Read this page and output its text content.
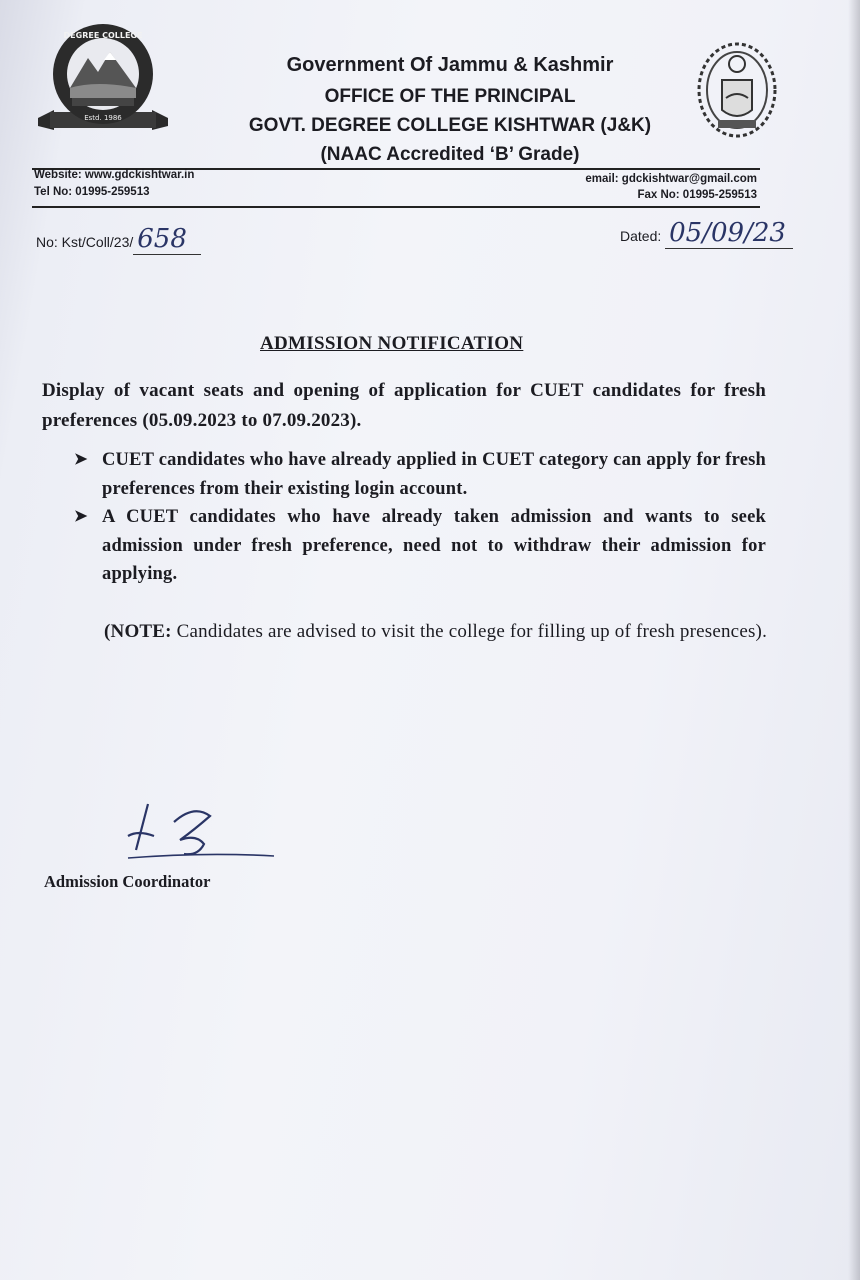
Estd. 1986
DEGREE COLLEGE
Government Of Jammu & Kashmir
OFFICE OF THE PRINCIPAL
GOVT. DEGREE COLLEGE KISHTWAR (J&K)
(NAAC Accredited ‘B’ Grade)
Website: www.gdckishtwar.in
Tel No: 01995-259513
email: gdckishtwar@gmail.com
Fax No: 01995-259513
No: Kst/Coll/23/ 658	Dated: 05/09/23
ADMISSION NOTIFICATION
Display of vacant seats and opening of application for CUET candidates for fresh preferences (05.09.2023 to 07.09.2023).
➤ CUET candidates who have already applied in CUET category can apply for fresh preferences from their existing login account.
➤ A CUET candidates who have already taken admission and wants to seek admission under fresh preference, need not to withdraw their admission for applying.
(NOTE: Candidates are advised to visit the college for filling up of fresh presences).
Admission Coordinator
